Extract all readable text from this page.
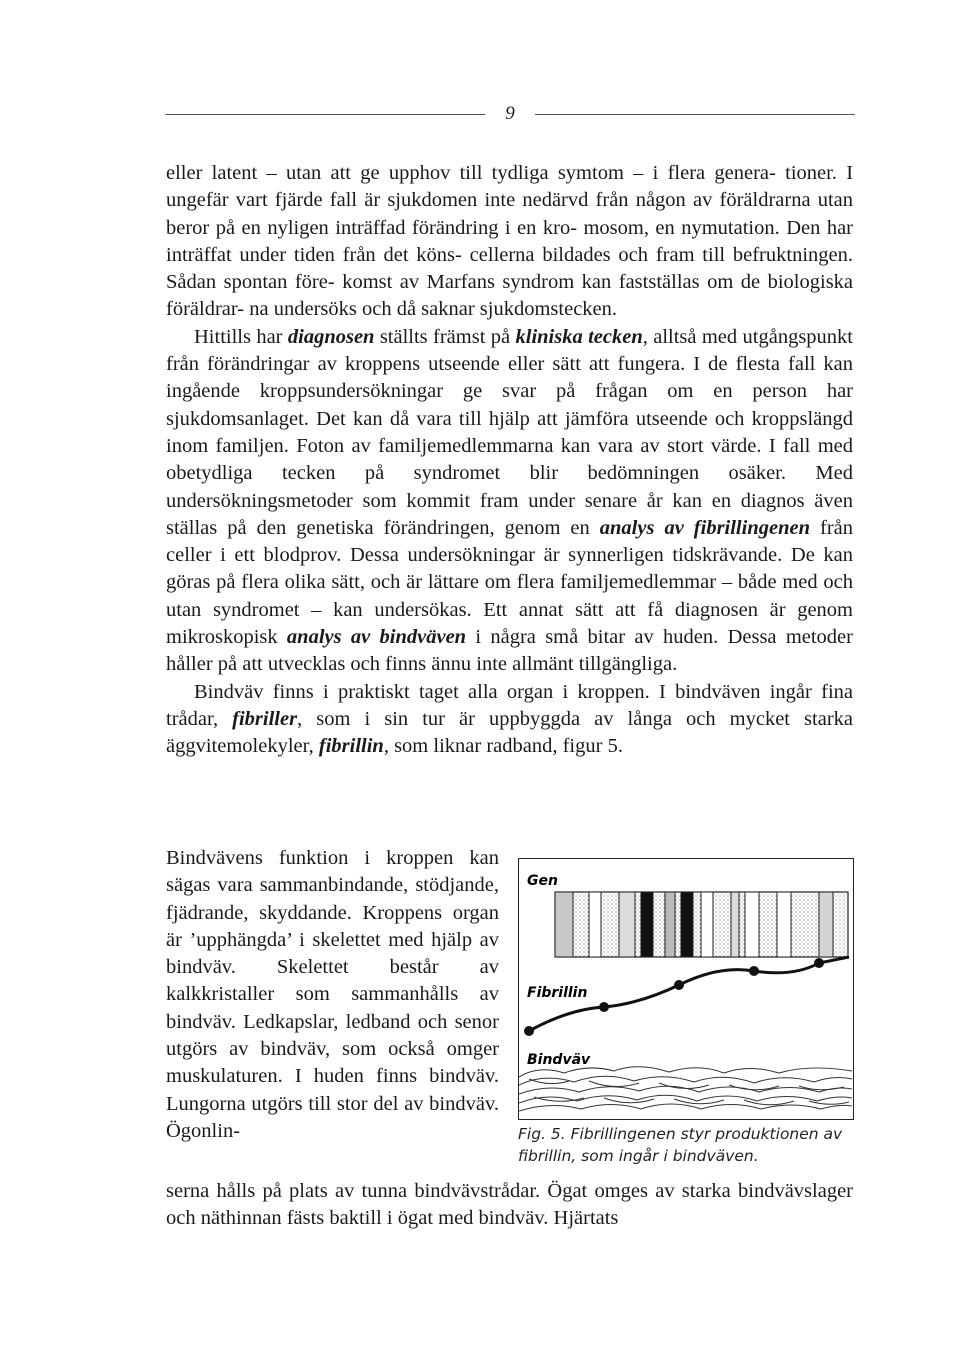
9

eller latent – utan att ge upphov till tydliga symtom – i flera genera- tioner. I ungefär vart fjärde fall är sjukdomen inte nedärvd från någon av föräldrarna utan beror på en nyligen inträffad förändring i en kro- mosom, en nymutation. Den har inträffat under tiden från det köns- cellerna bildades och fram till befruktningen. Sådan spontan före- komst av Marfans syndrom kan fastställas om de biologiska föräldrar- na undersöks och då saknar sjukdomstecken.

Hittills har diagnosen ställts främst på kliniska tecken, alltså med utgångspunkt från förändringar av kroppens utseende eller sätt att fungera. I de flesta fall kan ingående kroppsundersökningar ge svar på frågan om en person har sjukdomsanlaget. Det kan då vara till hjälp att jämföra utseende och kroppslängd inom familjen. Foton av familjemedlemmarna kan vara av stort värde. I fall med obetydliga tecken på syndromet blir bedömningen osäker. Med undersökningsmetoder som kommit fram under senare år kan en diagnos även ställas på den genetiska förändringen, genom en analys av fibrillingenen från celler i ett blodprov. Dessa undersökningar är synnerligen tidskrävande. De kan göras på flera olika sätt, och är lättare om flera familjemedlemmar – både med och utan syndromet – kan undersökas. Ett annat sätt att få diagnosen är genom mikroskopisk analys av bindväven i några små bitar av huden. Dessa metoder håller på att utvecklas och finns ännu inte allmänt tillgängliga.

Bindväv finns i praktiskt taget alla organ i kroppen. I bindväven ingår fina trådar, fibriller, som i sin tur är uppbyggda av långa och mycket starka äggvitemolekyler, fibrillin, som liknar radband, figur 5.

Bindvävens funktion i kroppen kan sägas vara sammanbindande, stödjande, fjädrande, skyddande. Kroppens organ är ’upphängda’ i skelettet med hjälp av bindväv. Skelettet består av kalkkristaller som sammanhålls av bindväv. Ledkapslar, ledband och senor utgörs av bindväv, som också omger muskulaturen. I huden finns bindväv. Lungorna utgörs till stor del av bindväv. Ögonlin-

serna hålls på plats av tunna bindvävstrådar. Ögat omges av starka bindvävslager och näthinnan fästs baktill i ögat med bindväv. Hjärtats

Gen
Fibrillin
Bindväv
Fig. 5. Fibrillingenen styr produktionen av
fibrillin, som ingår i bindväven.
